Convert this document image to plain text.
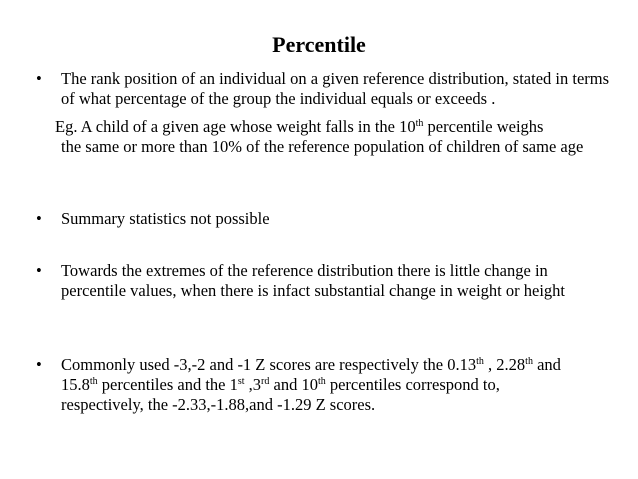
Percentile
• The rank position of an individual on a given reference distribution, stated in terms of what percentage of the group the individual equals or exceeds .
Eg. A child of a given age whose weight falls in the 10th percentile weighs
the same or more than 10% of the reference population of children of same age
• Summary statistics not possible
• Towards the extremes of the reference distribution there is little change in percentile values, when there is infact substantial change in weight or height
• Commonly used -3,-2 and -1 Z scores are respectively the 0.13th , 2.28th and 15.8th percentiles and the 1st ,3rd and 10th percentiles correspond to, respectively, the -2.33,-1.88,and -1.29 Z scores.
